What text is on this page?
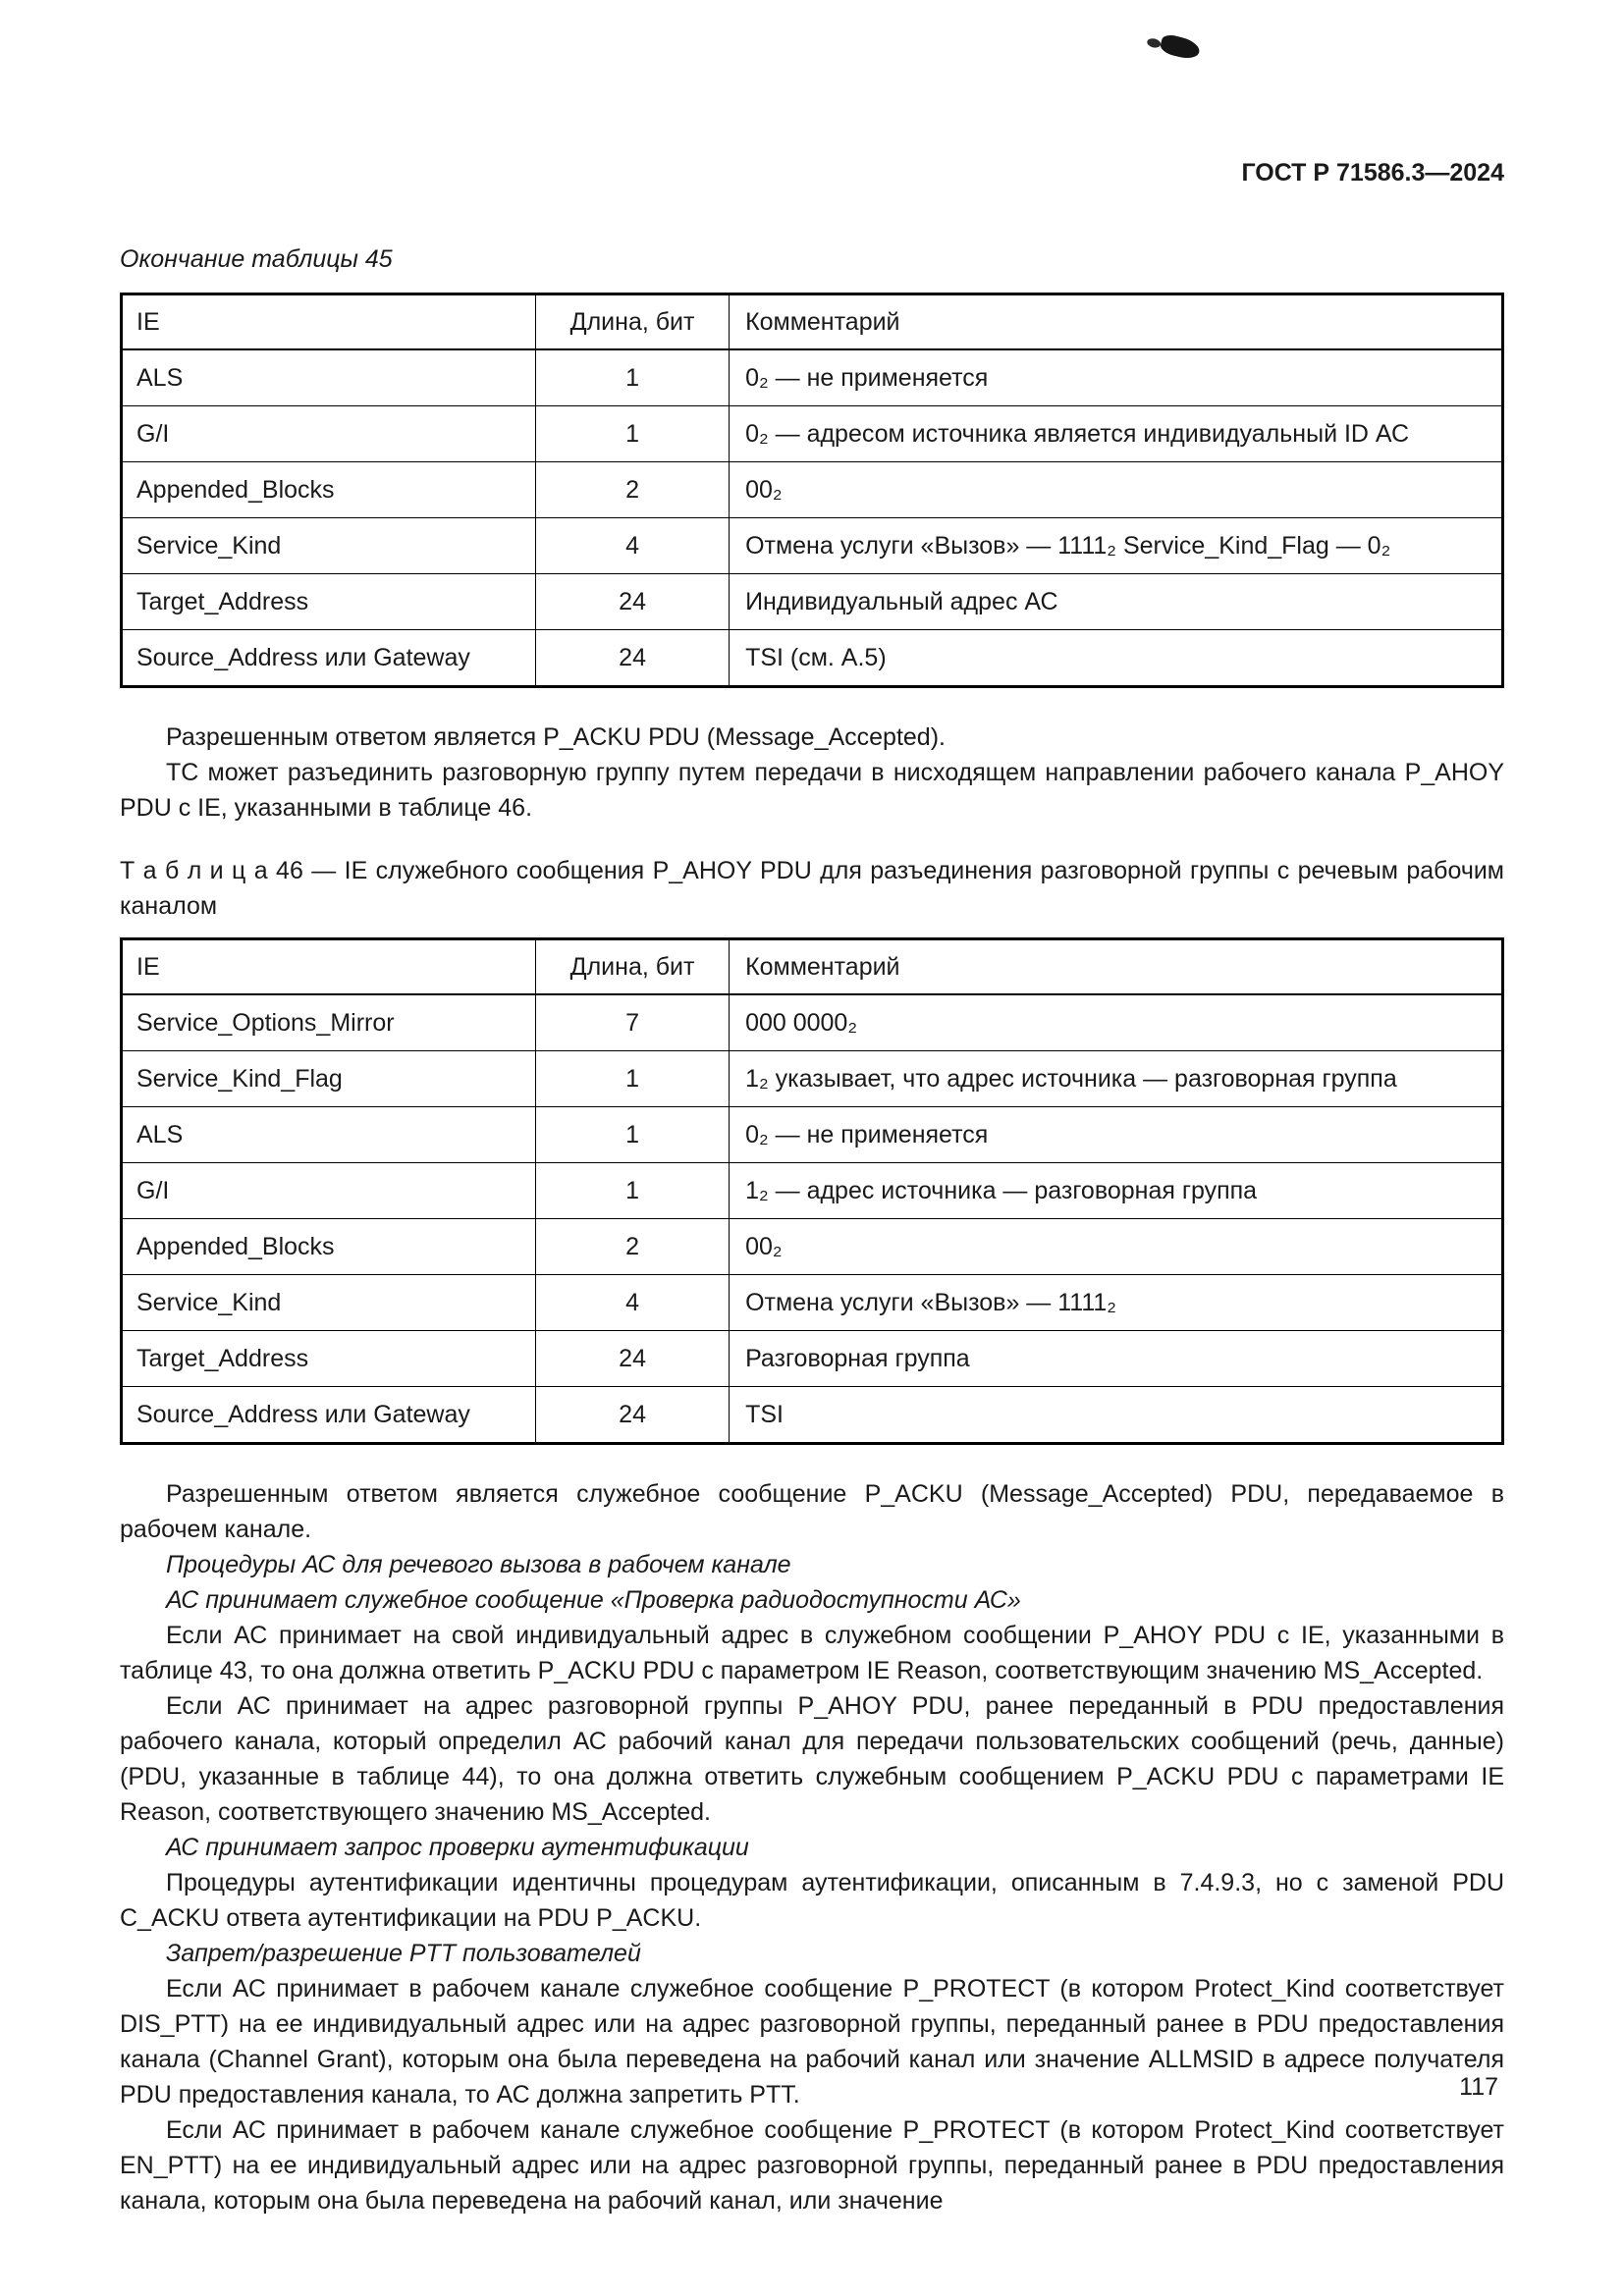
ГОСТ Р 71586.3—2024

Окончание таблицы 45

IE	Длина, бит	Комментарий
ALS	1	0₂ — не применяется
G/I	1	0₂ — адресом источника является индивидуальный ID АС
Appended_Blocks	2	00₂
Service_Kind	4	Отмена услуги «Вызов» — 1111₂ Service_Kind_Flag — 0₂
Target_Address	24	Индивидуальный адрес АС
Source_Address или Gateway	24	TSI (см. А.5)

Разрешенным ответом является P_ACKU PDU (Message_Accepted).

ТС может разъединить разговорную группу путем передачи в нисходящем направлении рабочего канала P_AHOY PDU с IE, указанными в таблице 46.

Т а б л и ц а 46 — IE служебного сообщения P_AHOY PDU для разъединения разговорной группы с речевым рабочим каналом

IE	Длина, бит	Комментарий
Service_Options_Mirror	7	000 0000₂
Service_Kind_Flag	1	1₂ указывает, что адрес источника — разговорная группа
ALS	1	0₂ — не применяется
G/I	1	1₂ — адрес источника — разговорная группа
Appended_Blocks	2	00₂
Service_Kind	4	Отмена услуги «Вызов» — 1111₂
Target_Address	24	Разговорная группа
Source_Address или Gateway	24	TSI

Разрешенным ответом является служебное сообщение P_ACKU (Message_Accepted) PDU, передаваемое в рабочем канале.

Процедуры АС для речевого вызова в рабочем канале

АС принимает служебное сообщение «Проверка радиодоступности АС»

Если АС принимает на свой индивидуальный адрес в служебном сообщении P_AHOY PDU с IE, указанными в таблице 43, то она должна ответить P_ACKU PDU с параметром IE Reason, соответствующим значению MS_Accepted.

Если АС принимает на адрес разговорной группы P_AHOY PDU, ранее переданный в PDU предоставления рабочего канала, который определил АС рабочий канал для передачи пользовательских сообщений (речь, данные) (PDU, указанные в таблице 44), то она должна ответить служебным сообщением P_ACKU PDU с параметрами IE Reason, соответствующего значению MS_Accepted.

АС принимает запрос проверки аутентификации

Процедуры аутентификации идентичны процедурам аутентификации, описанным в 7.4.9.3, но с заменой PDU C_ACKU ответа аутентификации на PDU P_ACKU.

Запрет/разрешение PTT пользователей

Если АС принимает в рабочем канале служебное сообщение P_PROTECT (в котором Protect_Kind соответствует DIS_PTT) на ее индивидуальный адрес или на адрес разговорной группы, переданный ранее в PDU предоставления канала (Channel Grant), которым она была переведена на рабочий канал или значение ALLMSID в адресе получателя PDU предоставления канала, то АС должна запретить PTT.

Если АС принимает в рабочем канале служебное сообщение P_PROTECT (в котором Protect_Kind соответствует EN_PTT) на ее индивидуальный адрес или на адрес разговорной группы, переданный ранее в PDU предоставления канала, которым она была переведена на рабочий канал, или значение

117
